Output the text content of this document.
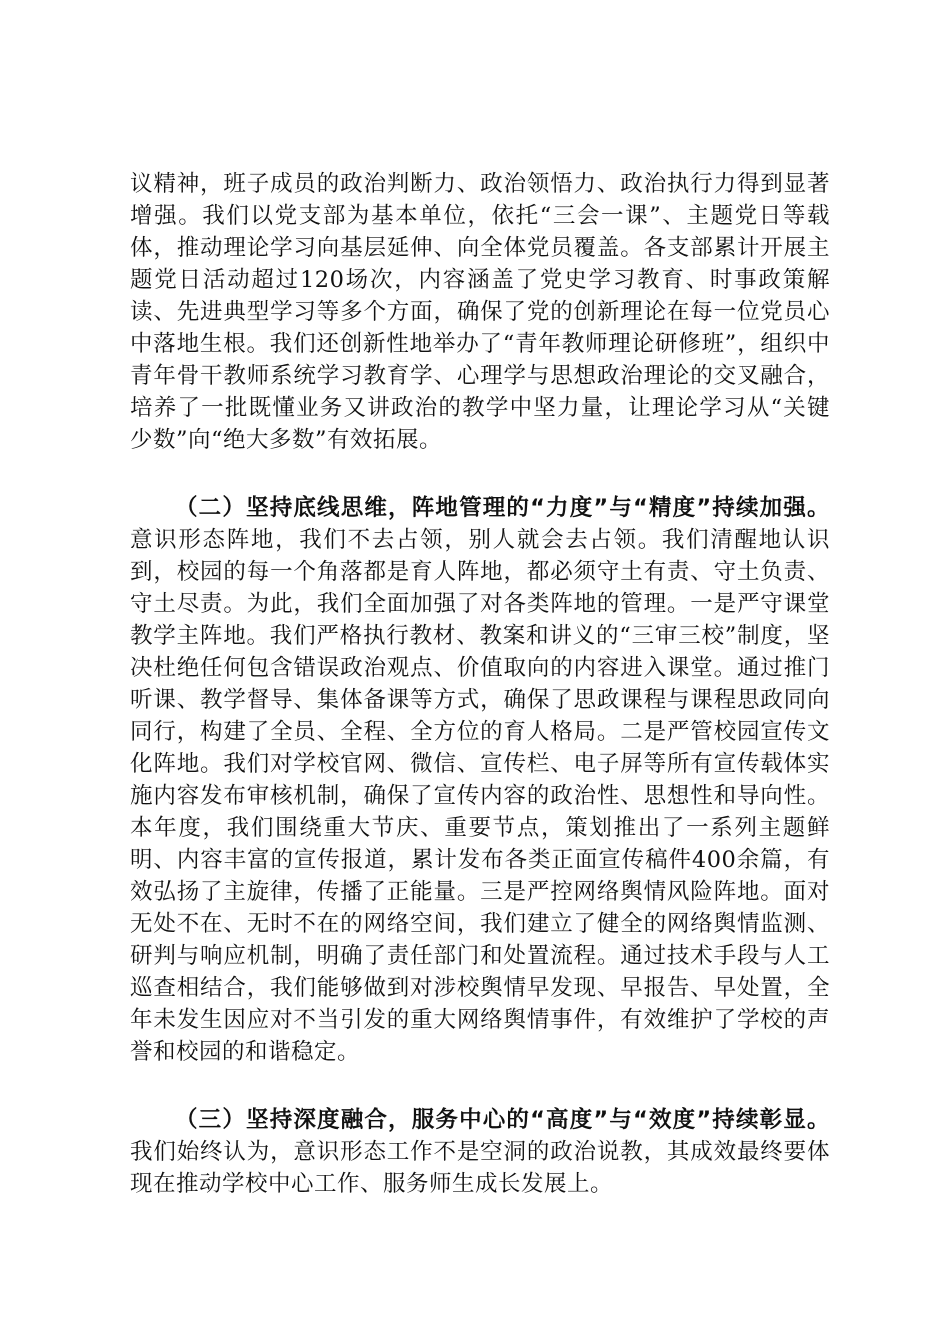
议精神，班子成员的政治判断力、政治领悟力、政治执行力得到显著增强。我们以党支部为基本单位，依托“三会一课”、主题党日等载体，推动理论学习向基层延伸、向全体党员覆盖。各支部累计开展主题党日活动超过120场次，内容涵盖了党史学习教育、时事政策解读、先进典型学习等多个方面，确保了党的创新理论在每一位党员心中落地生根。我们还创新性地举办了“青年教师理论研修班”，组织中青年骨干教师系统学习教育学、心理学与思想政治理论的交叉融合，培养了一批既懂业务又讲政治的教学中坚力量，让理论学习从“关键少数”向“绝大多数”有效拓展。

（二）坚持底线思维，阵地管理的“力度”与“精度”持续加强。意识形态阵地，我们不去占领，别人就会去占领。我们清醒地认识到，校园的每一个角落都是育人阵地，都必须守土有责、守土负责、守土尽责。为此，我们全面加强了对各类阵地的管理。一是严守课堂教学主阵地。我们严格执行教材、教案和讲义的“三审三校”制度，坚决杜绝任何包含错误政治观点、价值取向的内容进入课堂。通过推门听课、教学督导、集体备课等方式，确保了思政课程与课程思政同向同行，构建了全员、全程、全方位的育人格局。二是严管校园宣传文化阵地。我们对学校官网、微信、宣传栏、电子屏等所有宣传载体实施内容发布审核机制，确保了宣传内容的政治性、思想性和导向性。本年度，我们围绕重大节庆、重要节点，策划推出了一系列主题鲜明、内容丰富的宣传报道，累计发布各类正面宣传稿件400余篇，有效弘扬了主旋律，传播了正能量。三是严控网络舆情风险阵地。面对无处不在、无时不在的网络空间，我们建立了健全的网络舆情监测、研判与响应机制，明确了责任部门和处置流程。通过技术手段与人工巡查相结合，我们能够做到对涉校舆情早发现、早报告、早处置，全年未发生因应对不当引发的重大网络舆情事件，有效维护了学校的声誉和校园的和谐稳定。

（三）坚持深度融合，服务中心的“高度”与“效度”持续彰显。我们始终认为，意识形态工作不是空洞的政治说教，其成效最终要体现在推动学校中心工作、服务师生成长发展上。
